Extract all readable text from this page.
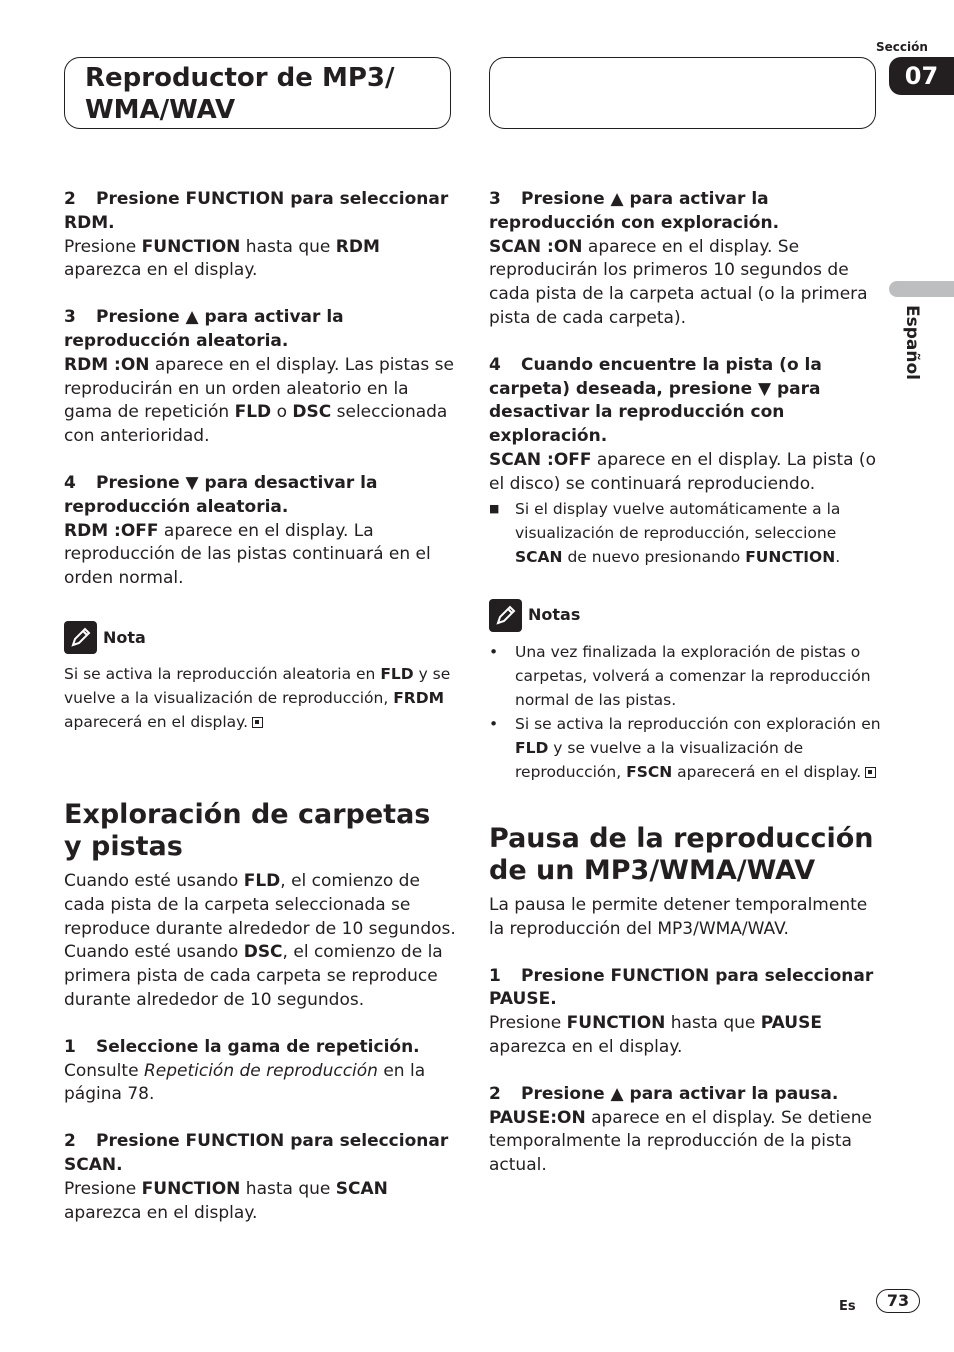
Reproductor de MP3/
WMA/WAV
Sección
07
Español

2 Presione FUNCTION para seleccionar RDM.

Presione FUNCTION hasta que RDM aparezca en el display.

3 Presione ▲ para activar la reproducción aleatoria.

RDM :ON aparece en el display. Las pistas se reproducirán en un orden aleatorio en la gama de repetición FLD o DSC seleccionada con anterioridad.

4 Presione ▼ para desactivar la reproducción aleatoria.

RDM :OFF aparece en el display. La reproducción de las pistas continuará en el orden normal.

Nota

Si se activa la reproducción aleatoria en FLD y se vuelve a la visualización de reproducción, FRDM aparecerá en el display.

Exploración de carpetas y pistas

Cuando esté usando FLD, el comienzo de cada pista de la carpeta seleccionada se reproduce durante alrededor de 10 segundos. Cuando esté usando DSC, el comienzo de la primera pista de cada carpeta se reproduce durante alrededor de 10 segundos.

1 Seleccione la gama de repetición.

Consulte Repetición de reproducción en la página 78.

2 Presione FUNCTION para seleccionar SCAN.

Presione FUNCTION hasta que SCAN aparezca en el display.

3 Presione ▲ para activar la reproducción con exploración.

SCAN :ON aparece en el display. Se reproducirán los primeros 10 segundos de cada pista de la carpeta actual (o la primera pista de cada carpeta).

4 Cuando encuentre la pista (o la carpeta) deseada, presione ▼ para desactivar la reproducción con exploración.

SCAN :OFF aparece en el display. La pista (o el disco) se continuará reproduciendo.

■ Si el display vuelve automáticamente a la visualización de reproducción, seleccione SCAN de nuevo presionando FUNCTION.

Notas

• Una vez finalizada la exploración de pistas o carpetas, volverá a comenzar la reproducción normal de las pistas.

• Si se activa la reproducción con exploración en FLD y se vuelve a la visualización de reproducción, FSCN aparecerá en el display.

Pausa de la reproducción de un MP3/WMA/WAV

La pausa le permite detener temporalmente la reproducción del MP3/WMA/WAV.

1 Presione FUNCTION para seleccionar PAUSE.

Presione FUNCTION hasta que PAUSE aparezca en el display.

2 Presione ▲ para activar la pausa.

PAUSE:ON aparece en el display. Se detiene temporalmente la reproducción de la pista actual.

Es	73
